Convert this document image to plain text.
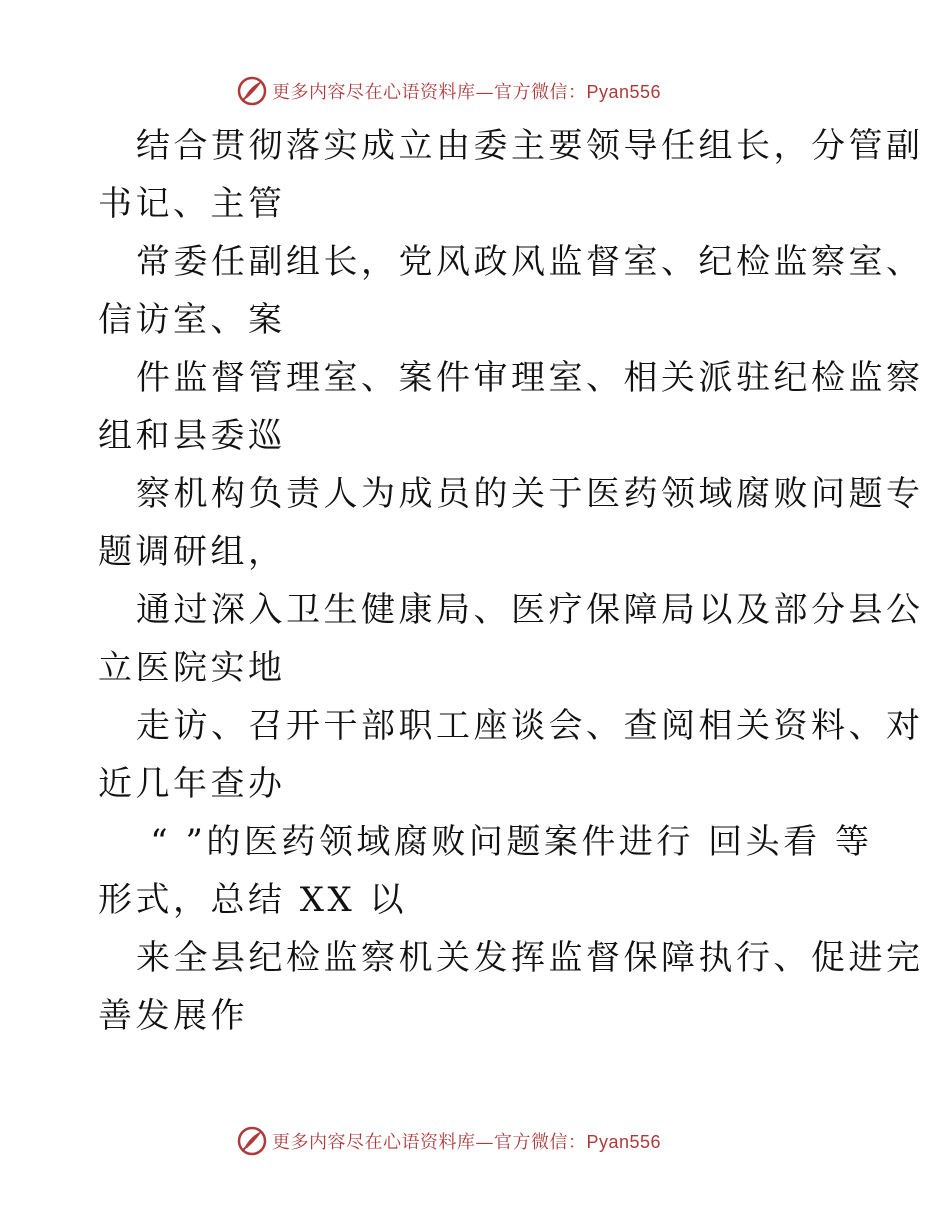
更多内容尽在心语资料库—官方微信：Pyan556
结合贯彻落实成立由委主要领导任组长，分管副
书记、主管
常委任副组长，党风政风监督室、纪检监察室、
信访室、案
件监督管理室、案件审理室、相关派驻纪检监察
组和县委巡
察机构负责人为成员的关于医药领域腐败问题专
题调研组，
通过深入卫生健康局、医疗保障局以及部分县公
立医院实地
走访、召开干部职工座谈会、查阅相关资料、对
近几年查办
“ ”的医药领域腐败问题案件进行 回头看 等
形式，总结 XX 以
来全县纪检监察机关发挥监督保障执行、促进完
善发展作
更多内容尽在心语资料库—官方微信：Pyan556
